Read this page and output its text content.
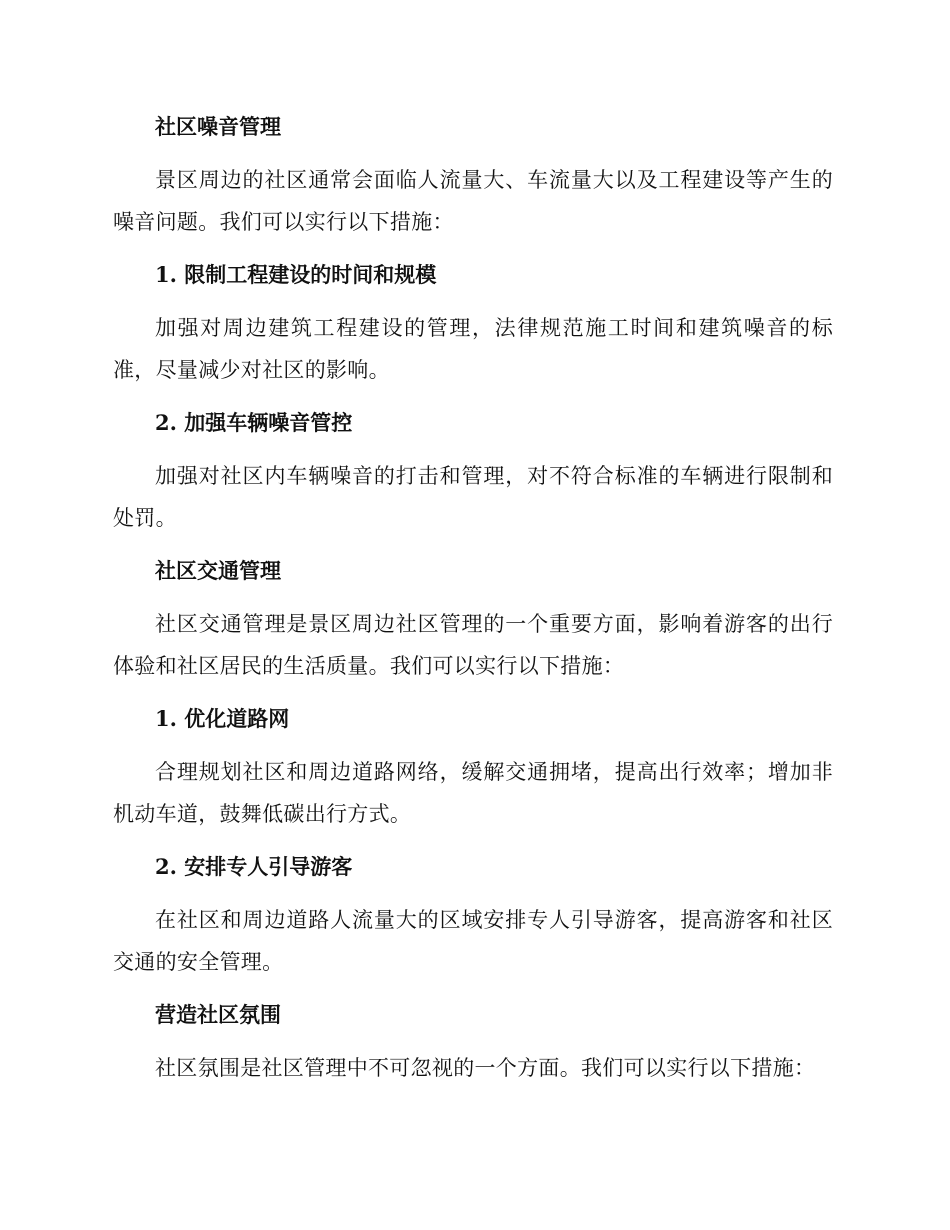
社区噪音管理

景区周边的社区通常会面临人流量大、车流量大以及工程建设等产生的噪音问题。我们可以实行以下措施：

1. 限制工程建设的时间和规模

加强对周边建筑工程建设的管理，法律规范施工时间和建筑噪音的标准，尽量减少对社区的影响。

2. 加强车辆噪音管控

加强对社区内车辆噪音的打击和管理，对不符合标准的车辆进行限制和处罚。

社区交通管理

社区交通管理是景区周边社区管理的一个重要方面，影响着游客的出行体验和社区居民的生活质量。我们可以实行以下措施：

1. 优化道路网

合理规划社区和周边道路网络，缓解交通拥堵，提高出行效率；增加非机动车道，鼓舞低碳出行方式。

2. 安排专人引导游客

在社区和周边道路人流量大的区域安排专人引导游客，提高游客和社区交通的安全管理。

营造社区氛围

社区氛围是社区管理中不可忽视的一个方面。我们可以实行以下措施：
